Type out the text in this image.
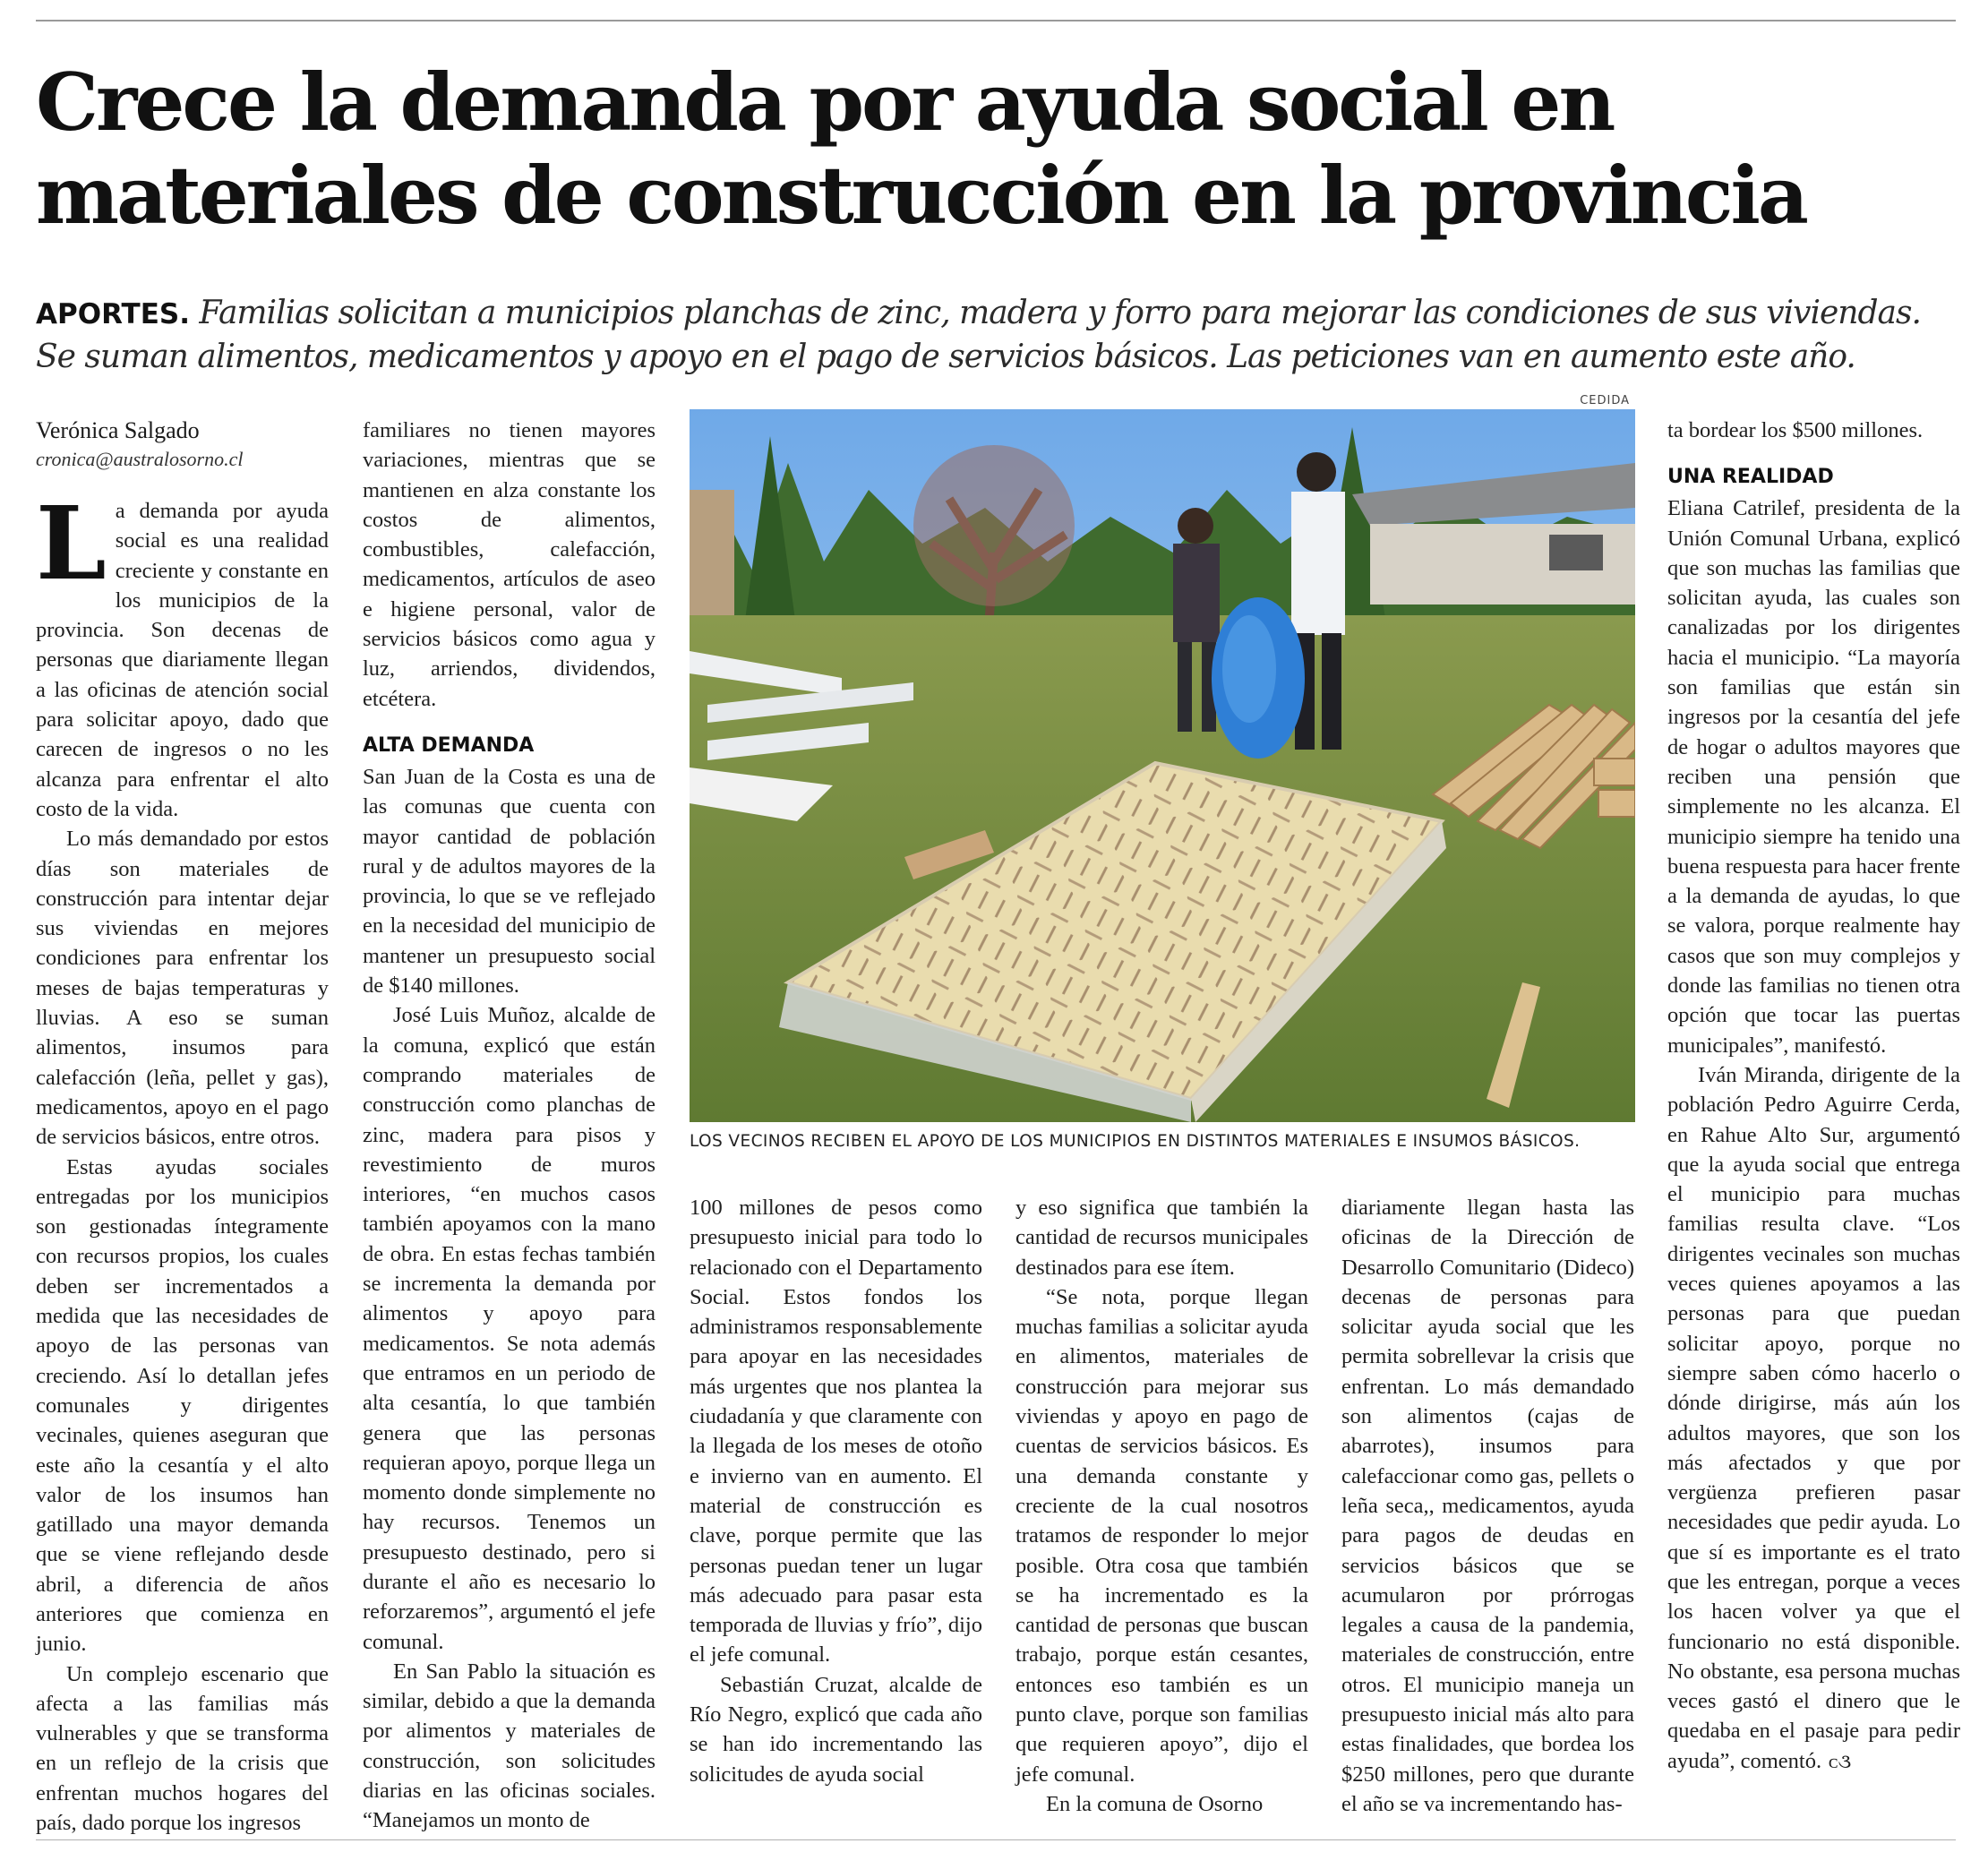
Crece la demanda por ayuda social en materiales de construcción en la provincia

APORTES. Familias solicitan a municipios planchas de zinc, madera y forro para mejorar las condiciones de sus viviendas. Se suman alimentos, medicamentos y apoyo en el pago de servicios básicos. Las peticiones van en aumento este año.

Verónica Salgado

cronica@australosorno.cl

La demanda por ayuda social es una realidad creciente y constante en los municipios de la provincia. Son decenas de personas que diariamente llegan a las oficinas de atención social para solicitar apoyo, dado que carecen de ingresos o no les alcanza para enfrentar el alto costo de la vida.

Lo más demandado por estos días son materiales de construcción para intentar dejar sus viviendas en mejores condiciones para enfrentar los meses de bajas temperaturas y lluvias. A eso se suman alimentos, insumos para calefacción (leña, pellet y gas), medicamentos, apoyo en el pago de servicios básicos, entre otros.

Estas ayudas sociales entregadas por los municipios son gestionadas íntegramente con recursos propios, los cuales deben ser incrementados a medida que las necesidades de apoyo de las personas van creciendo. Así lo detallan jefes comunales y dirigentes vecinales, quienes aseguran que este año la cesantía y el alto valor de los insumos han gatillado una mayor demanda que se viene reflejando desde abril, a diferencia de años anteriores que comienza en junio.

Un complejo escenario que afecta a las familias más vulnerables y que se transforma en un reflejo de la crisis que enfrentan muchos hogares del país, dado porque los ingresos

familiares no tienen mayores variaciones, mientras que se mantienen en alza constante los costos de alimentos, combustibles, calefacción, medicamentos, artículos de aseo e higiene personal, valor de servicios básicos como agua y luz, arriendos, dividendos, etcétera.

ALTA DEMANDA

San Juan de la Costa es una de las comunas que cuenta con mayor cantidad de población rural y de adultos mayores de la provincia, lo que se ve reflejado en la necesidad del municipio de mantener un presupuesto social de $140 millones.

José Luis Muñoz, alcalde de la comuna, explicó que están comprando materiales de construcción como planchas de zinc, madera para pisos y revestimiento de muros interiores, “en muchos casos también apoyamos con la mano de obra. En estas fechas también se incrementa la demanda por alimentos y apoyo para medicamentos. Se nota además que entramos en un periodo de alta cesantía, lo que también genera que las personas requieran apoyo, porque llega un momento donde simplemente no hay recursos. Tenemos un presupuesto destinado, pero si durante el año es necesario lo reforzaremos”, argumentó el jefe comunal.

En San Pablo la situación es similar, debido a que la demanda por alimentos y materiales de construcción, son solicitudes diarias en las oficinas sociales. “Manejamos un monto de

CEDIDA

LOS VECINOS RECIBEN EL APOYO DE LOS MUNICIPIOS EN DISTINTOS MATERIALES E INSUMOS BÁSICOS.

100 millones de pesos como presupuesto inicial para todo lo relacionado con el Departamento Social. Estos fondos los administramos responsablemente para apoyar en las necesidades más urgentes que nos plantea la ciudadanía y que claramente con la llegada de los meses de otoño e invierno van en aumento. El material de construcción es clave, porque permite que las personas puedan tener un lugar más adecuado para pasar esta temporada de lluvias y frío”, dijo el jefe comunal.

Sebastián Cruzat, alcalde de Río Negro, explicó que cada año se han ido incrementando las solicitudes de ayuda social

y eso significa que también la cantidad de recursos municipales destinados para ese ítem.

“Se nota, porque llegan muchas familias a solicitar ayuda en alimentos, materiales de construcción para mejorar sus viviendas y apoyo en pago de cuentas de servicios básicos. Es una demanda constante y creciente de la cual nosotros tratamos de responder lo mejor posible. Otra cosa que también se ha incrementado es la cantidad de personas que buscan trabajo, porque están cesantes, entonces eso también es un punto clave, porque son familias que requieren apoyo”, dijo el jefe comunal.

En la comuna de Osorno

diariamente llegan hasta las oficinas de la Dirección de Desarrollo Comunitario (Dideco) decenas de personas para solicitar ayuda social que les permita sobrellevar la crisis que enfrentan. Lo más demandado son alimentos (cajas de abarrotes), insumos para calefaccionar como gas, pellets o leña seca,, medicamentos, ayuda para pagos de deudas en servicios básicos que se acumularon por prórrogas legales a causa de la pandemia, materiales de construcción, entre otros. El municipio maneja un presupuesto inicial más alto para estas finalidades, que bordea los $250 millones, pero que durante el año se va incrementando has-

ta bordear los $500 millones.

UNA REALIDAD

Eliana Catrilef, presidenta de la Unión Comunal Urbana, explicó que son muchas las familias que solicitan ayuda, las cuales son canalizadas por los dirigentes hacia el municipio. “La mayoría son familias que están sin ingresos por la cesantía del jefe de hogar o adultos mayores que reciben una pensión que simplemente no les alcanza. El municipio siempre ha tenido una buena respuesta para hacer frente a la demanda de ayudas, lo que se valora, porque realmente hay casos que son muy complejos y donde las familias no tienen otra opción que tocar las puertas municipales”, manifestó.

Iván Miranda, dirigente de la población Pedro Aguirre Cerda, en Rahue Alto Sur, argumentó que la ayuda social que entrega el municipio para muchas familias resulta clave. “Los dirigentes vecinales son muchas veces quienes apoyamos a las personas para que puedan solicitar apoyo, porque no siempre saben cómo hacerlo o dónde dirigirse, más aún los adultos mayores, que son los más afectados y que por vergüenza prefieren pasar necesidades que pedir ayuda. Lo que sí es importante es el trato que les entregan, porque a veces los hacen volver ya que el funcionario no está disponible. No obstante, esa persona muchas veces gastó el dinero que le quedaba en el pasaje para pedir ayuda”, comentó. ᴄ૩
